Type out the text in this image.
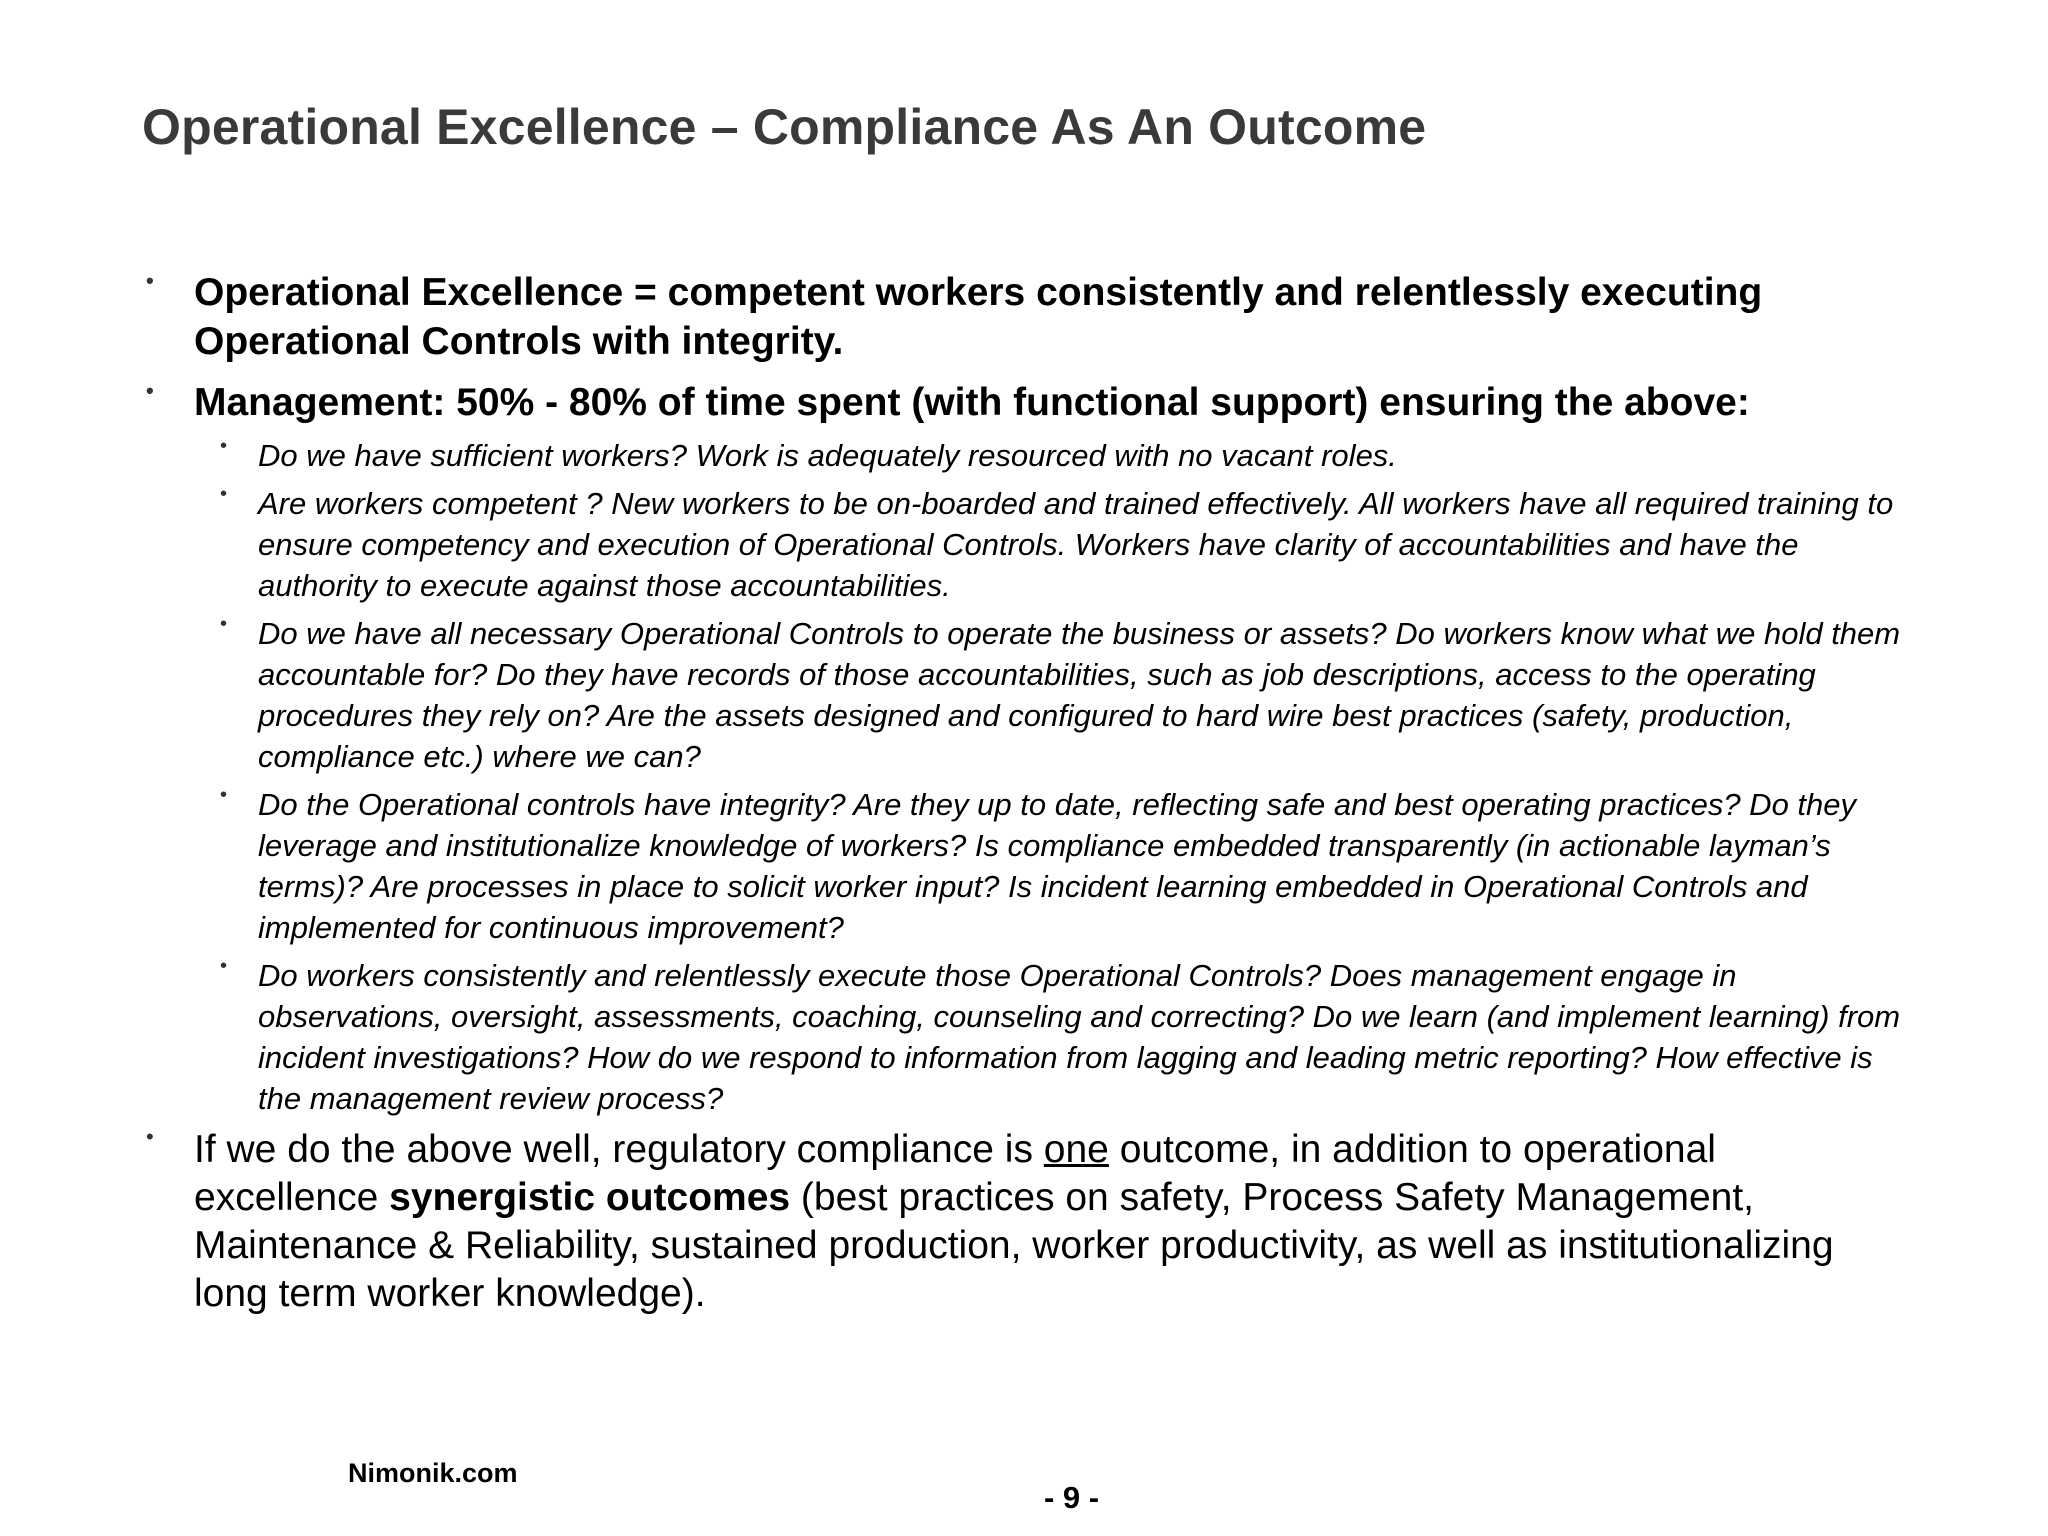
Operational Excellence – Compliance As An Outcome
• Operational Excellence = competent workers consistently and relentlessly executing Operational Controls with integrity.
• Management: 50% - 80% of time spent (with functional support) ensuring the above:
• Do we have sufficient workers? Work is adequately resourced with no vacant roles.
• Are workers competent ? New workers to be on-boarded and trained effectively. All workers have all required training to ensure competency and execution of Operational Controls. Workers have clarity of accountabilities and have the authority to execute against those accountabilities.
• Do we have all necessary Operational Controls to operate the business or assets? Do workers know what we hold them accountable for? Do they have records of those accountabilities, such as job descriptions, access to the operating procedures they rely on? Are the assets designed and configured to hard wire best practices (safety, production, compliance etc.) where we can?
• Do the Operational controls have integrity? Are they up to date, reflecting safe and best operating practices? Do they leverage and institutionalize knowledge of workers? Is compliance embedded transparently (in actionable layman’s terms)? Are processes in place to solicit worker input? Is incident learning embedded in Operational Controls and implemented for continuous improvement?
• Do workers consistently and relentlessly execute those Operational Controls? Does management engage in observations, oversight, assessments, coaching, counseling and correcting? Do we learn (and implement learning) from incident investigations? How do we respond to information from lagging and leading metric reporting? How effective is the management review process?
• If we do the above well, regulatory compliance is one outcome, in addition to operational excellence synergistic outcomes (best practices on safety, Process Safety Management, Maintenance & Reliability, sustained production, worker productivity, as well as institutionalizing long term worker knowledge).
Nimonik.com
- 9 -
